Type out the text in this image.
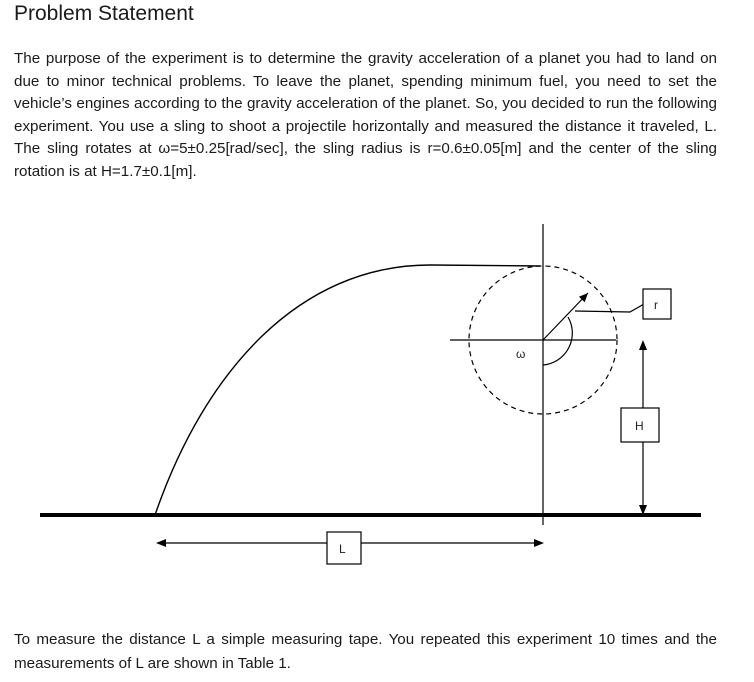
Problem Statement

The purpose of the experiment is to determine the gravity acceleration of a planet you had to land on due to minor technical problems. To leave the planet, spending minimum fuel, you need to set the vehicle’s engines according to the gravity acceleration of the planet. So, you decided to run the following experiment. You use a sling to shoot a projectile horizontally and measured the distance it traveled, L. The sling rotates at ω=5±0.25[rad/sec], the sling radius is r=0.6±0.05[m] and the center of the sling rotation is at H=1.7±0.1[m].

ω
r
H
L

To measure the distance L a simple measuring tape. You repeated this experiment 10 times and the measurements of L are shown in Table 1.
